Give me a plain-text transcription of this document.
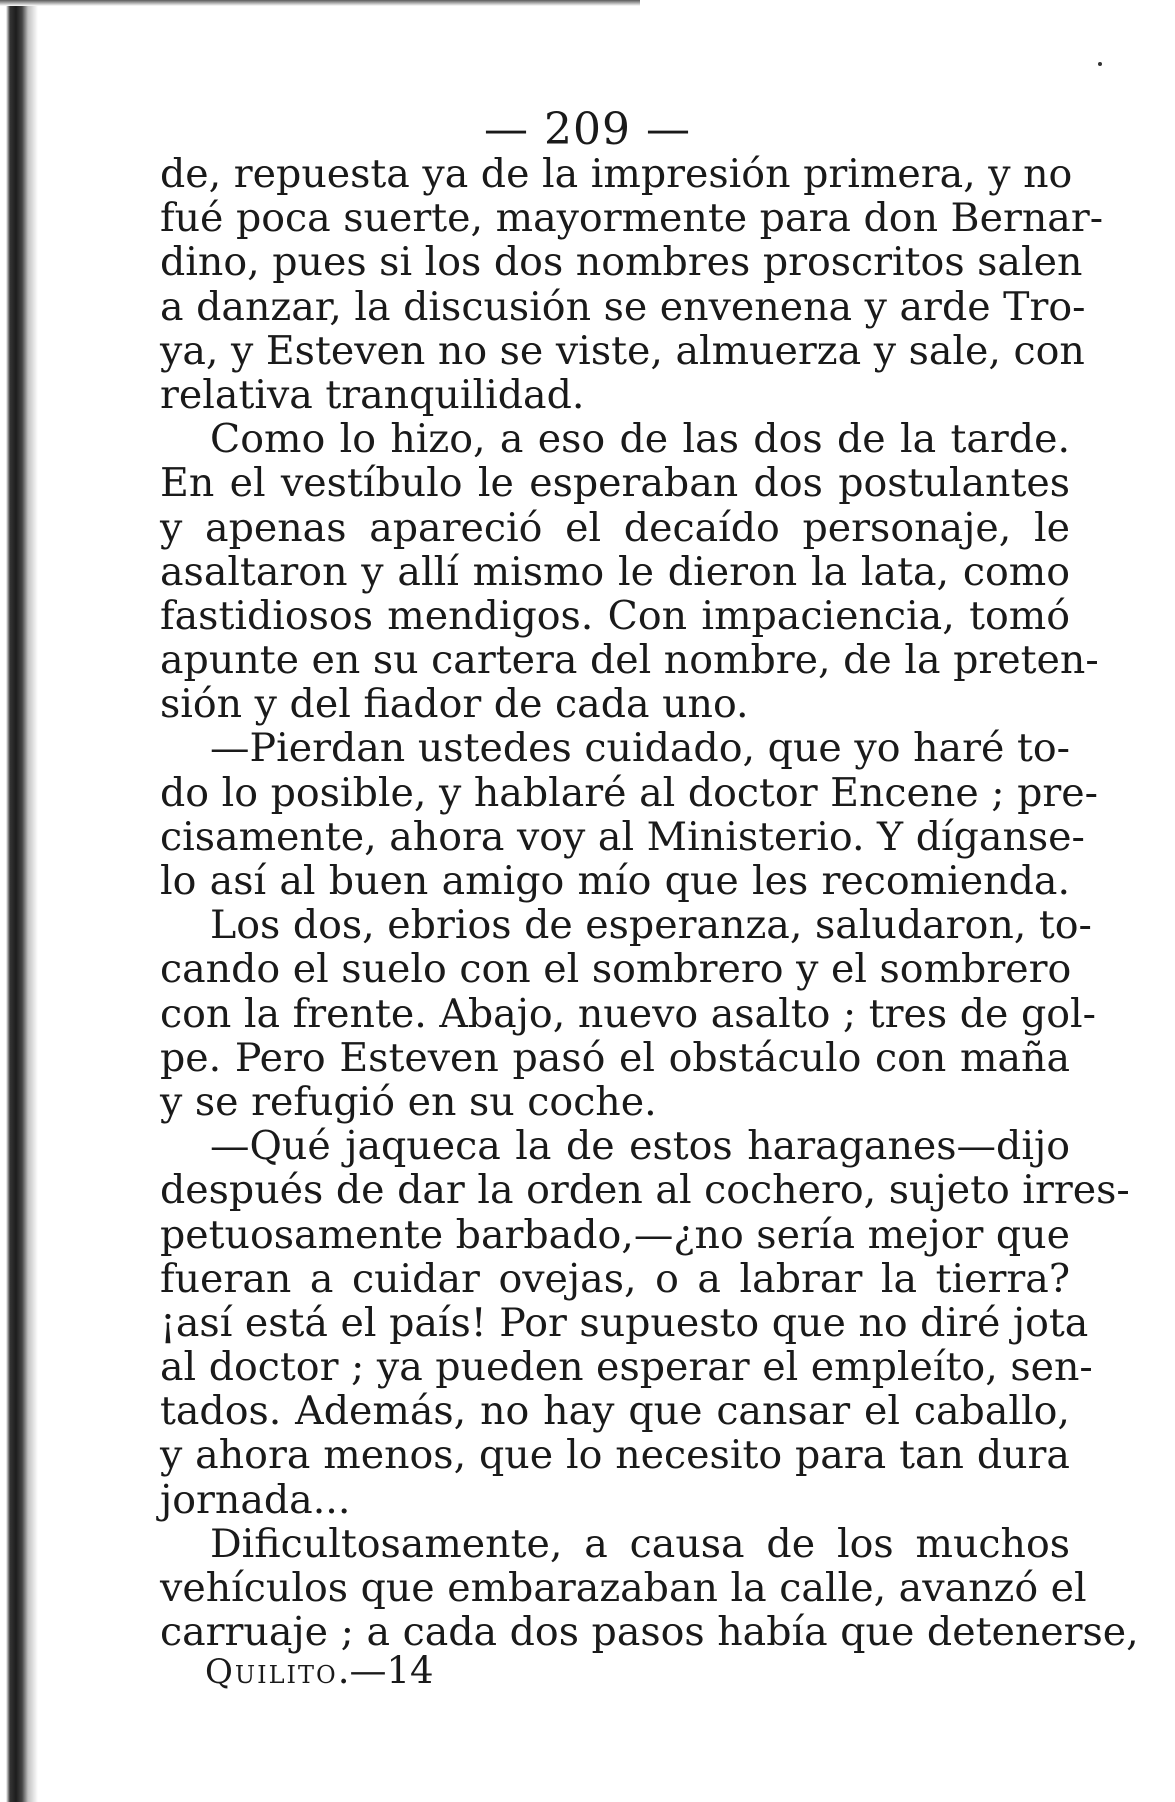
— 209 —
de, repuesta ya de la impresión primera, y no
fué poca suerte, mayormente para don Bernar-
dino, pues si los dos nombres proscritos salen
a danzar, la discusión se envenena y arde Tro-
ya, y Esteven no se viste, almuerza y sale, con
relativa tranquilidad.
Como lo hizo, a eso de las dos de la tarde.
En el vestíbulo le esperaban dos postulantes
y apenas apareció el decaído personaje, le
asaltaron y allí mismo le dieron la lata, como
fastidiosos mendigos. Con impaciencia, tomó
apunte en su cartera del nombre, de la preten-
sión y del fiador de cada uno.
—Pierdan ustedes cuidado, que yo haré to-
do lo posible, y hablaré al doctor Encene ; pre-
cisamente, ahora voy al Ministerio. Y díganse-
lo así al buen amigo mío que les recomienda.
Los dos, ebrios de esperanza, saludaron, to-
cando el suelo con el sombrero y el sombrero
con la frente. Abajo, nuevo asalto ; tres de gol-
pe. Pero Esteven pasó el obstáculo con maña
y se refugió en su coche.
—Qué jaqueca la de estos haraganes—dijo
después de dar la orden al cochero, sujeto irres-
petuosamente barbado,—¿no sería mejor que
fueran a cuidar ovejas, o a labrar la tierra?
¡así está el país! Por supuesto que no diré jota
al doctor ; ya pueden esperar el empleíto, sen-
tados. Además, no hay que cansar el caballo,
y ahora menos, que lo necesito para tan dura
jornada...
Dificultosamente, a causa de los muchos
vehículos que embarazaban la calle, avanzó el
carruaje ; a cada dos pasos había que detenerse,
Quilito.—14
